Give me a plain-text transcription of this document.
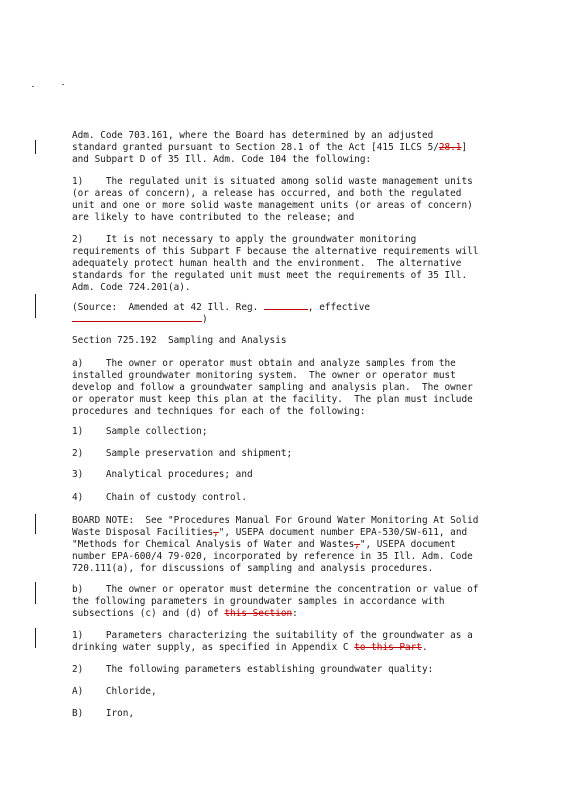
Adm. Code 703.161, where the Board has determined by an adjusted
standard granted pursuant to Section 28.1 of the Act [415 ILCS 5/28.1]
and Subpart D of 35 Ill. Adm. Code 104 the following:
1)    The regulated unit is situated among solid waste management units
(or areas of concern), a release has occurred, and both the regulated
unit and one or more solid waste management units (or areas of concern)
are likely to have contributed to the release; and
2)    It is not necessary to apply the groundwater monitoring
requirements of this Subpart F because the alternative requirements will
adequately protect human health and the environment.  The alternative
standards for the regulated unit must meet the requirements of 35 Ill.
Adm. Code 724.201(a).
(Source:  Amended at 42 Ill. Reg.	, effective
)
Section 725.192  Sampling and Analysis
a)    The owner or operator must obtain and analyze samples from the
installed groundwater monitoring system.  The owner or operator must
develop and follow a groundwater sampling and analysis plan.  The owner
or operator must keep this plan at the facility.  The plan must include
procedures and techniques for each of the following:
1)    Sample collection;
2)    Sample preservation and shipment;
3)    Analytical procedures; and
4)    Chain of custody control.
BOARD NOTE:  See "Procedures Manual For Ground Water Monitoring At Solid
Waste Disposal Facilities,", USEPA document number EPA-530/SW-611, and
"Methods for Chemical Analysis of Water and Wastes,", USEPA document
number EPA-600/4 79-020, incorporated by reference in 35 Ill. Adm. Code
720.111(a), for discussions of sampling and analysis procedures.
b)    The owner or operator must determine the concentration or value of
the following parameters in groundwater samples in accordance with
subsections (c) and (d) of this Section:
1)    Parameters characterizing the suitability of the groundwater as a
drinking water supply, as specified in Appendix C to this Part.
2)    The following parameters establishing groundwater quality:
A)    Chloride,
B)    Iron,
